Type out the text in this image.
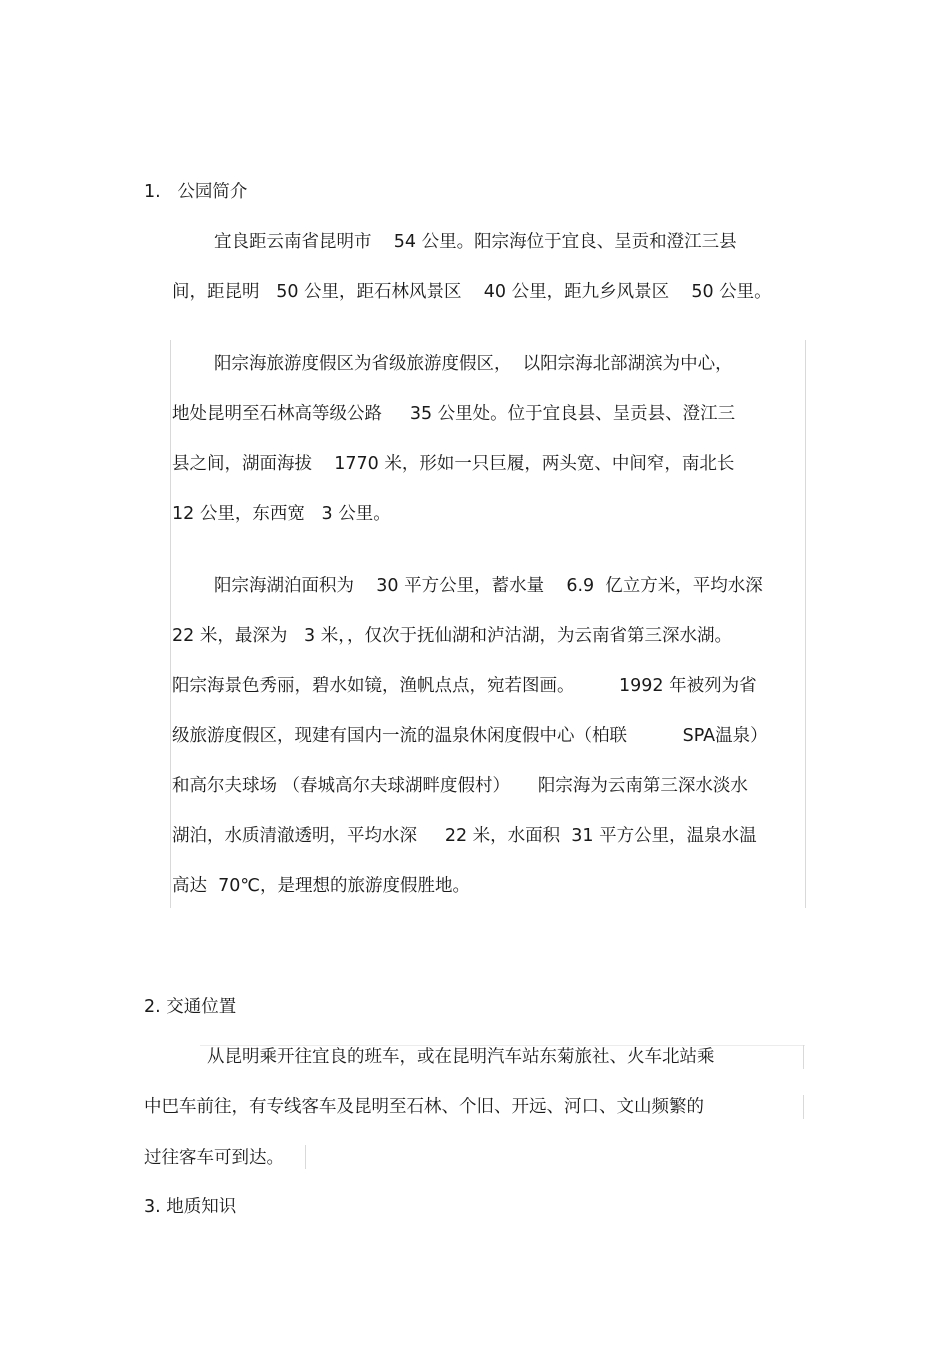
1.   公园简介
宜良距云南省昆明市    54 公里。阳宗海位于宜良、呈贡和澄江三县
间，距昆明   50 公里，距石林风景区    40 公里，距九乡风景区    50 公里。
阳宗海旅游度假区为省级旅游度假区，  以阳宗海北部湖滨为中心，
地处昆明至石林高等级公路     35 公里处。位于宜良县、呈贡县、澄江三
县之间，湖面海拔    1770 米，形如一只巨履，两头宽、中间窄，南北长
12 公里，东西宽   3 公里。
阳宗海湖泊面积为    30 平方公里，蓄水量    6.9  亿立方米，平均水深
22 米，最深为   3 米，，仅次于抚仙湖和泸沽湖，为云南省第三深水湖。
阳宗海景色秀丽，碧水如镜，渔帆点点，宛若图画。        1992 年被列为省
级旅游度假区，现建有国内一流的温泉休闲度假中心（柏联          SPA温泉）
和高尔夫球场 （春城高尔夫球湖畔度假村）     阳宗海为云南第三深水淡水
湖泊，水质清澈透明，平均水深     22 米，水面积  31 平方公里，温泉水温
高达  70℃，是理想的旅游度假胜地。
2. 交通位置
从昆明乘开往宜良的班车，或在昆明汽车站东菊旅社、火车北站乘
中巴车前往，有专线客车及昆明至石林、个旧、开远、河口、文山频繁的
过往客车可到达。
3. 地质知识
